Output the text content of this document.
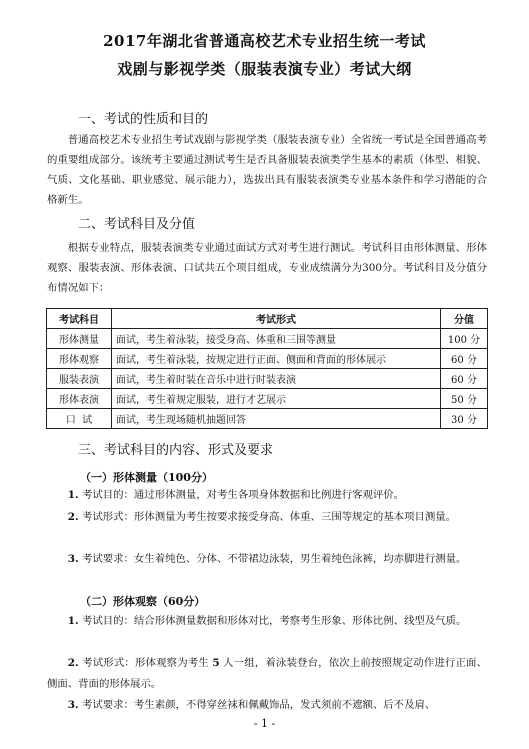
2017年湖北省普通高校艺术专业招生统一考试
戏剧与影视学类（服装表演专业）考试大纲
一、考试的性质和目的
普通高校艺术专业招生考试戏剧与影视学类（服装表演专业）全省统一考试是全国普通高考的重要组成部分。该统考主要通过测试考生是否具备服装表演类学生基本的素质（体型、相貌、气质、文化基础、职业感觉、展示能力），选拔出具有服装表演类专业基本条件和学习潜能的合格新生。
二、考试科目及分值
根据专业特点，服装表演类专业通过面试方式对考生进行测试。考试科目由形体测量、形体观察、服装表演、形体表演、口试共五个项目组成，专业成绩满分为300分。考试科目及分值分布情况如下：
考试科目	考试形式	分值
形体测量	面试，考生着泳装，接受身高、体重和三围等测量	100 分
形体观察	面试，考生着泳装，按规定进行正面、侧面和背面的形体展示	60 分
服装表演	面试，考生着时装在音乐中进行时装表演	60 分
形体表演	面试，考生着规定服装，进行才艺展示	50 分
口  试	面试，考生现场随机抽题回答	30 分
三、考试科目的内容、形式及要求
（一）形体测量（100分）
1. 考试目的：通过形体测量，对考生各项身体数据和比例进行客观评价。
2. 考试形式：形体测量为考生按要求接受身高、体重、三围等规定的基本项目测量。
3. 考试要求：女生着纯色、分体、不带裙边泳装，男生着纯色泳裤，均赤脚进行测量。
（二）形体观察（60分）
1. 考试目的：结合形体测量数据和形体对比，考察考生形象、形体比例、线型及气质。
2. 考试形式：形体观察为考生 5 人一组，着泳装登台，依次上前按照规定动作进行正面、侧面、背面的形体展示。
3. 考试要求：考生素颜，不得穿丝袜和佩戴饰品，发式须前不遮额、后不及肩、
- 1 -
